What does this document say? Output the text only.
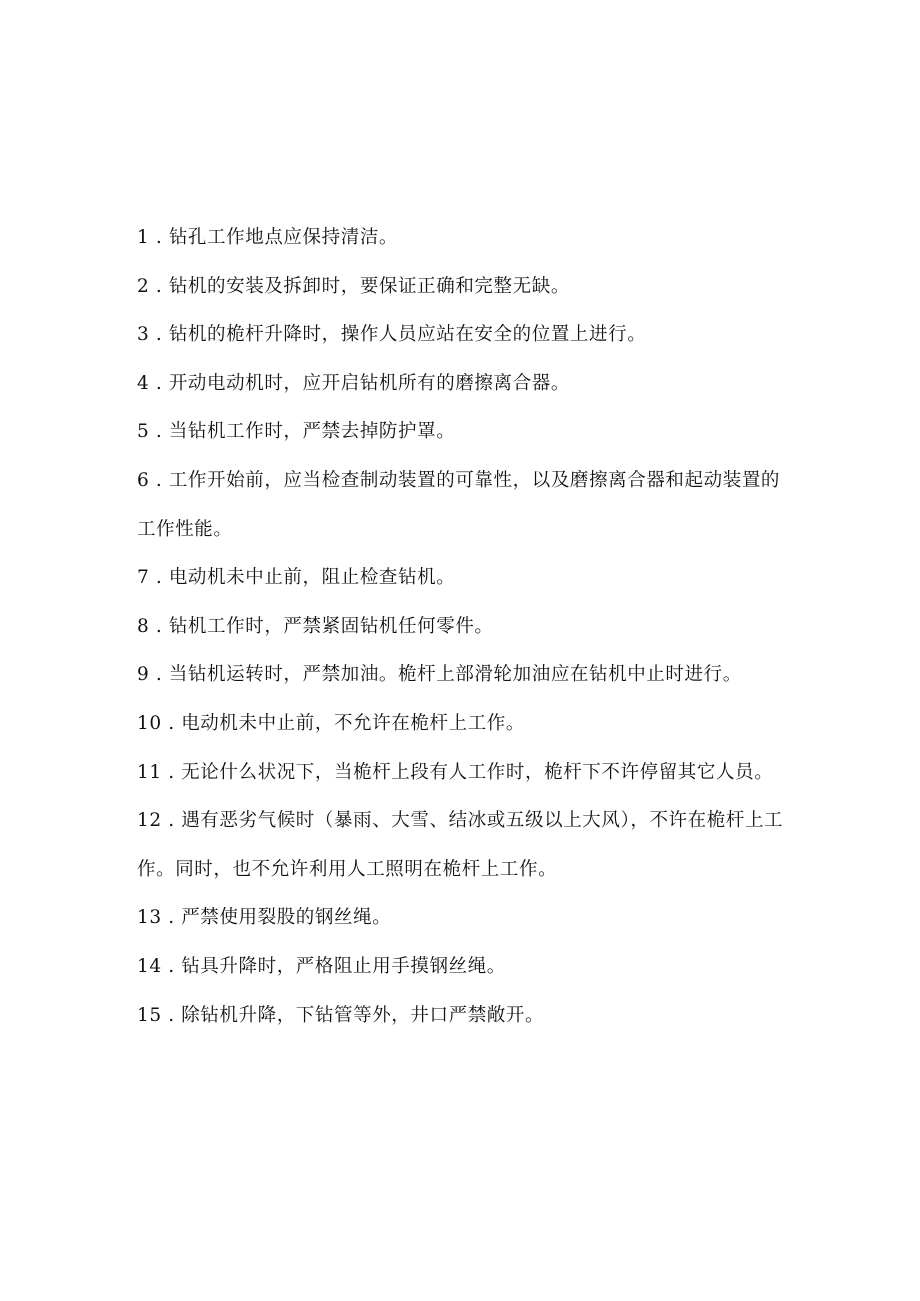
1 . 钻孔工作地点应保持清洁。
2 . 钻机的安装及拆卸时，要保证正确和完整无缺。
3 . 钻机的桅杆升降时，操作人员应站在安全的位置上进行。
4 . 开动电动机时，应开启钻机所有的磨擦离合器。
5 . 当钻机工作时，严禁去掉防护罩。
6 . 工作开始前，应当检查制动装置的可靠性，以及磨擦离合器和起动装置的工作性能。
7 . 电动机未中止前，阻止检查钻机。
8 . 钻机工作时，严禁紧固钻机任何零件。
9 . 当钻机运转时，严禁加油。桅杆上部滑轮加油应在钻机中止时进行。
10 . 电动机未中止前，不允许在桅杆上工作。
11 . 无论什么状况下，当桅杆上段有人工作时，桅杆下不许停留其它人员。
12 . 遇有恶劣气候时（暴雨、大雪、结冰或五级以上大风），不许在桅杆上工作。同时，也不允许利用人工照明在桅杆上工作。
13 . 严禁使用裂股的钢丝绳。
14 . 钻具升降时，严格阻止用手摸钢丝绳。
15 . 除钻机升降，下钻管等外，井口严禁敞开。
